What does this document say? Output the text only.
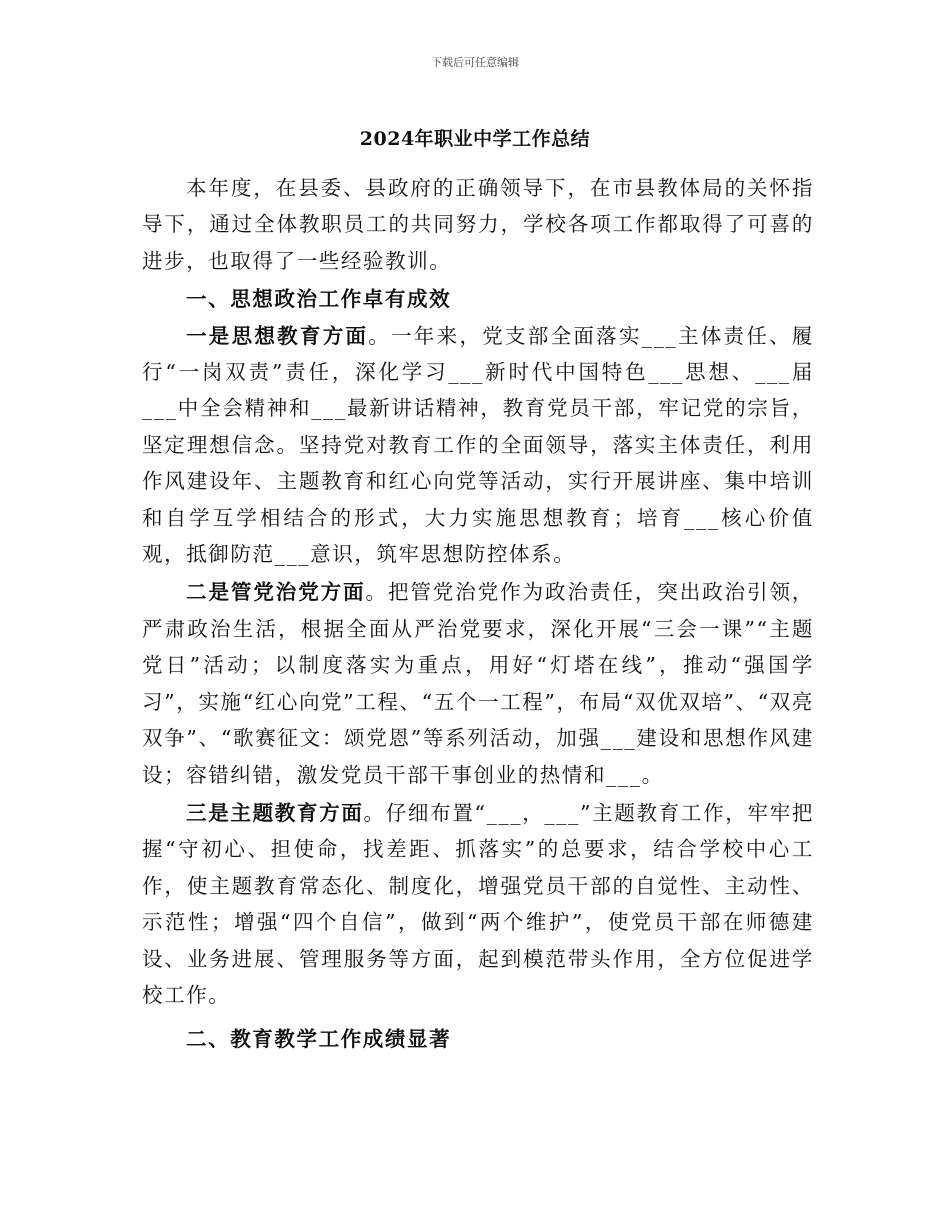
下载后可任意编辑
2024年职业中学工作总结

本年度，在县委、县政府的正确领导下，在市县教体局的关怀指导下，通过全体教职员工的共同努力，学校各项工作都取得了可喜的进步，也取得了一些经验教训。

一、思想政治工作卓有成效

一是思想教育方面。一年来，党支部全面落实___主体责任、履行“一岗双责”责任，深化学习___新时代中国特色___思想、___届___中全会精神和___最新讲话精神，教育党员干部，牢记党的宗旨，坚定理想信念。坚持党对教育工作的全面领导，落实主体责任，利用作风建设年、主题教育和红心向党等活动，实行开展讲座、集中培训和自学互学相结合的形式，大力实施思想教育；培育___核心价值观，抵御防范___意识，筑牢思想防控体系。

二是管党治党方面。把管党治党作为政治责任，突出政治引领，严肃政治生活，根据全面从严治党要求，深化开展“三会一课”“主题党日”活动；以制度落实为重点，用好“灯塔在线”，推动“强国学习”，实施“红心向党”工程、“五个一工程”，布局“双优双培”、“双亮双争”、“歌赛征文：颂党恩”等系列活动，加强___建设和思想作风建设；容错纠错，激发党员干部干事创业的热情和___。

三是主题教育方面。仔细布置“___，___”主题教育工作，牢牢把握“守初心、担使命，找差距、抓落实”的总要求，结合学校中心工作，使主题教育常态化、制度化，增强党员干部的自觉性、主动性、示范性；增强“四个自信”，做到“两个维护”，使党员干部在师德建设、业务进展、管理服务等方面，起到模范带头作用，全方位促进学校工作。

二、教育教学工作成绩显著
